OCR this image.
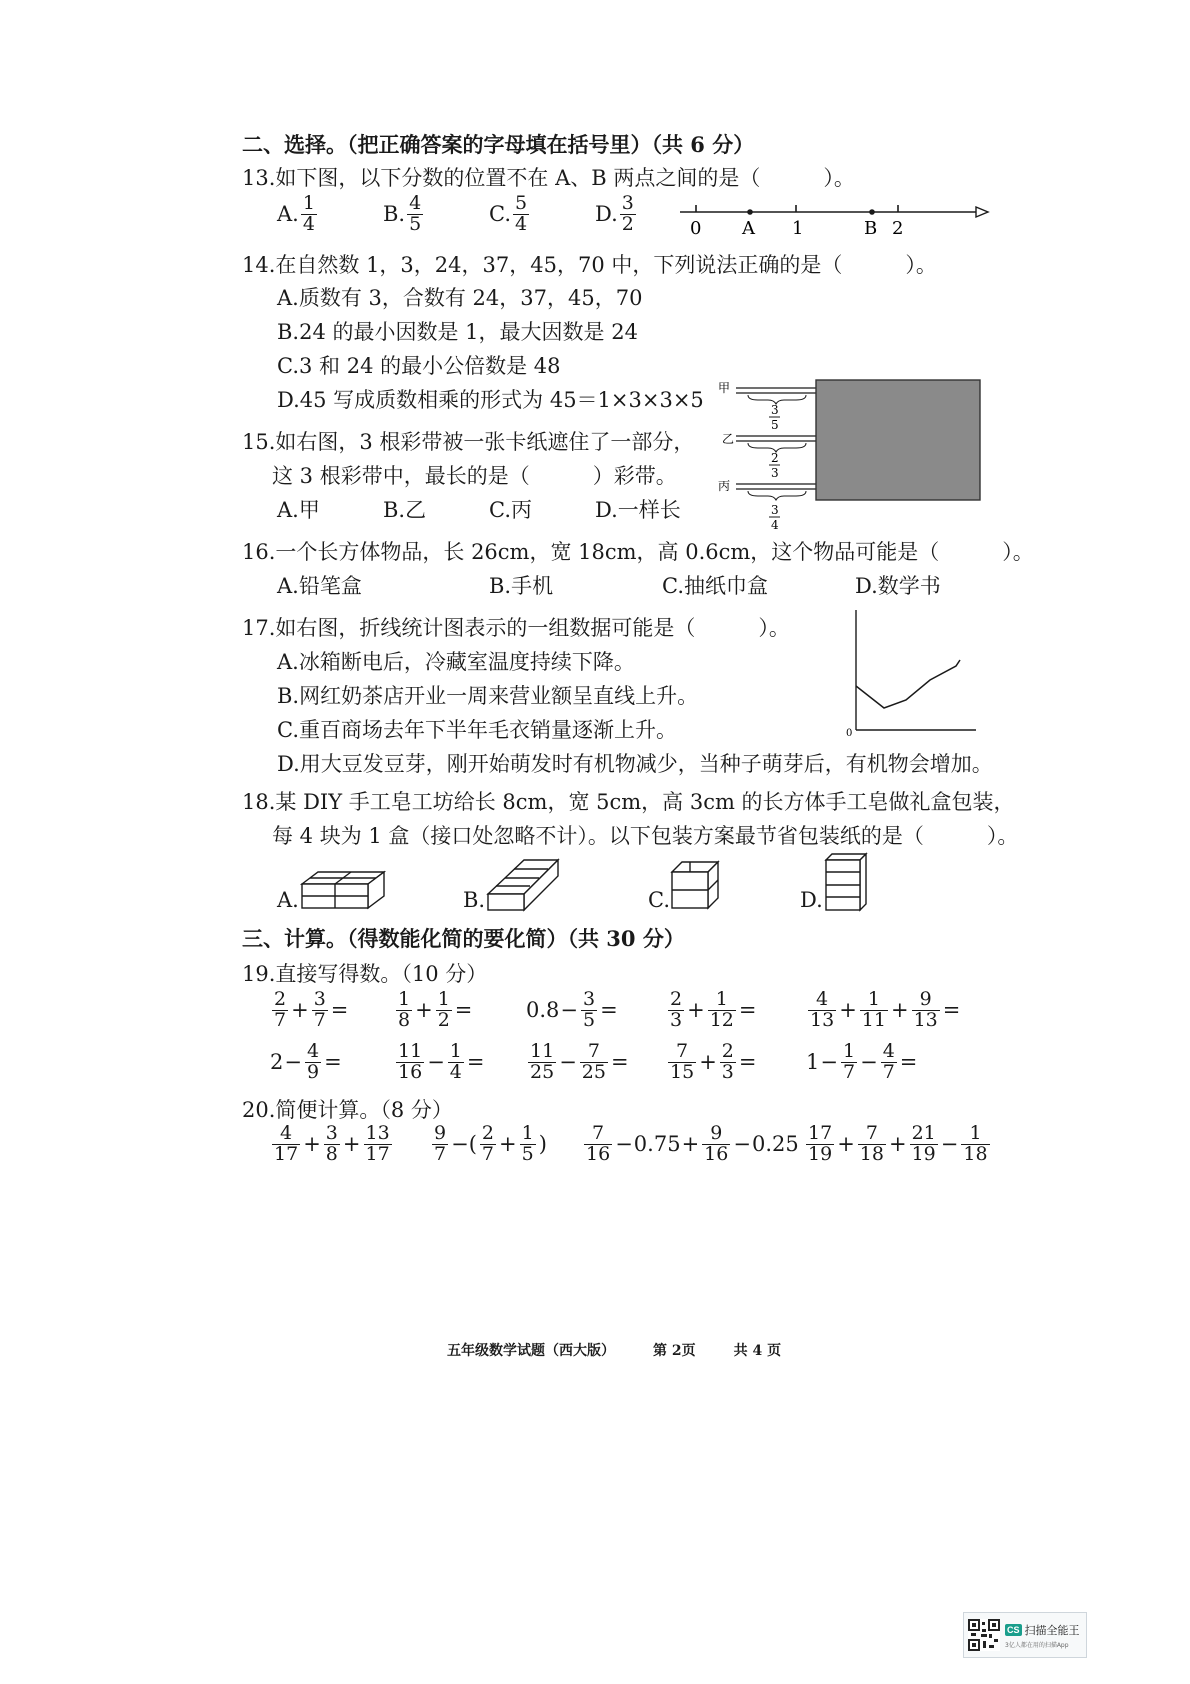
二、选择。（把正确答案的字母填在括号里）（共 6 分）
13.如下图，以下分数的位置不在 A、B 两点之间的是（　　　）。
A. $\frac{1}{4}$	B. $\frac{4}{5}$	C. $\frac{5}{4}$	D. $\frac{3}{2}$	0 A 1	B 2
14.在自然数 1，3，24，37，45，70 中，下列说法正确的是（　　　）。
A.质数有 3，合数有 24，37，45，70
B.24 的最小因数是 1，最大因数是 24
C.3 和 24 的最小公倍数是 48
D.45 写成质数相乘的形式为 45＝1×3×3×5 甲
乙
丙
3
5
2
3
3
4
15.如右图，3 根彩带被一张卡纸遮住了一部分，
这 3 根彩带中，最长的是（　　　）彩带。
A.甲	B.乙	C.丙	D.一样长
16.一个长方体物品，长 26cm，宽 18cm，高 0.6cm，这个物品可能是（　　　）。
A.铅笔盒	B.手机	C.抽纸巾盒	D.数学书
0
17.如右图，折线统计图表示的一组数据可能是（　　　）。
A.冰箱断电后，冷藏室温度持续下降。
B.网红奶茶店开业一周来营业额呈直线上升。
C.重百商场去年下半年毛衣销量逐渐上升。
D.用大豆发豆芽，刚开始萌发时有机物减少，当种子萌芽后，有机物会增加。
18.某 DIY 手工皂工坊给长 8cm，宽 5cm，高 3cm 的长方体手工皂做礼盒包装，
每 4 块为 1 盒（接口处忽略不计）。以下包装方案最节省包装纸的是（　　　）。
A.	B.	C.	D.
三、计算。（得数能化简的要化简）（共 30 分）
19.直接写得数。（10 分）
$\frac{2}{7} + \frac{3}{7}$ =	$\frac{1}{8} + \frac{1}{2}$ =	$0.8 - \frac{3}{5}$ =	$\frac{2}{3} + \frac{1}{12}$ =	$\frac{4}{13} + \frac{1}{11} + \frac{9}{13}$ =
$2 - \frac{4}{9}$ =	$\frac{11}{16} - \frac{1}{4} = \frac{11}{25} - \frac{7}{25} = \frac{7}{15} + \frac{2}{3} = 1 - \frac{1}{7} - \frac{4}{7}$ =
20.简便计算。（8 分）
$\frac{4}{17} + \frac{3}{8} + \frac{13}{17} \frac{9}{7}$ −( $\frac{2}{7} + \frac{1}{5}$ ) $\frac{7}{16} - 0.75 + \frac{9}{16} - 0.25 \frac{17}{19} + \frac{7}{18} + \frac{21}{19} - \frac{1}{18}$
五年级数学试题（西大版）	第 2页	共 4 页
CS 扫描全能王
3亿人都在用的扫描App
